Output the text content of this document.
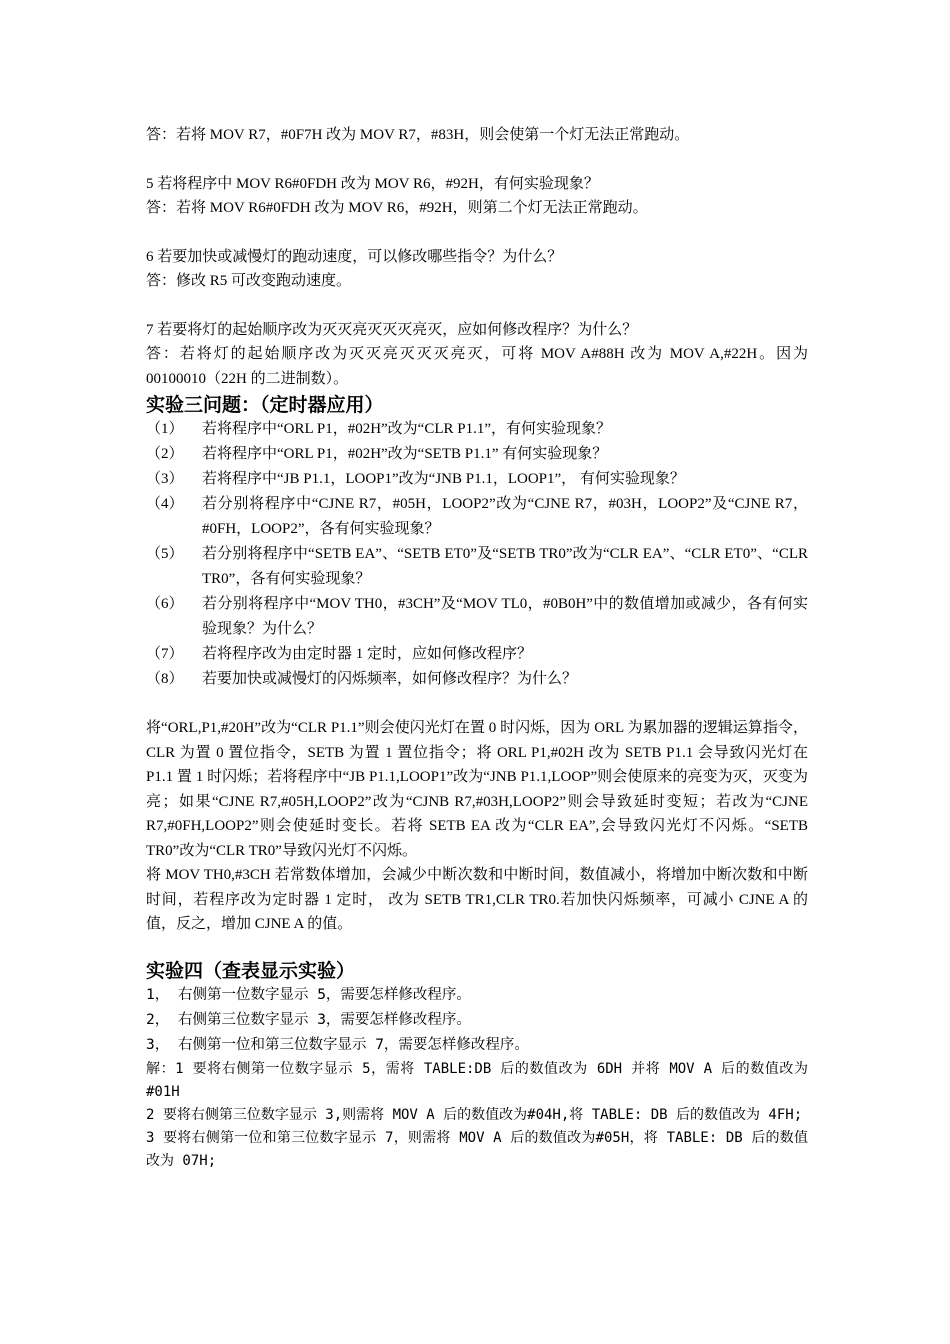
答：若将 MOV R7，#0F7H 改为 MOV R7，#83H，则会使第一个灯无法正常跑动。

5 若将程序中 MOV R6#0FDH 改为 MOV R6，#92H，有何实验现象？

答：若将 MOV R6#0FDH 改为 MOV R6，#92H，则第二个灯无法正常跑动。

6 若要加快或减慢灯的跑动速度，可以修改哪些指令？为什么？

答：修改 R5 可改变跑动速度。

7 若要将灯的起始顺序改为灭灭亮灭灭灭亮灭，应如何修改程序？为什么？

答：若将灯的起始顺序改为灭灭亮灭灭灭亮灭，可将 MOV A#88H 改为 MOV A,#22H。因为 00100010（22H 的二进制数）。

实验三问题：（定时器应用）
（1）	若将程序中“ORL P1，#02H”改为“CLR P1.1”，有何实验现象？
（2）	若将程序中“ORL P1，#02H”改为“SETB P1.1” 有何实验现象？
（3）	若将程序中“JB P1.1，LOOP1”改为“JNB P1.1，LOOP1”， 有何实验现象？
（4）	若分别将程序中“CJNE R7，#05H，LOOP2”改为“CJNE R7，#03H，LOOP2”及“CJNE R7，#0FH，LOOP2”，各有何实验现象？
（5）	若分别将程序中“SETB EA”、“SETB ET0”及“SETB TR0”改为“CLR EA”、“CLR ET0”、“CLR TR0”，各有何实验现象？
（6）	若分别将程序中“MOV TH0，#3CH”及“MOV TL0，#0B0H”中的数值增加或减少，各有何实验现象？为什么？
（7）	若将程序改为由定时器 1 定时，应如何修改程序？
（8）	若要加快或减慢灯的闪烁频率，如何修改程序？为什么？

将“ORL,P1,#20H”改为“CLR P1.1”则会使闪光灯在置 0 时闪烁，因为 ORL 为累加器的逻辑运算指令，CLR 为置 0 置位指令，SETB 为置 1 置位指令；将 ORL P1,#02H 改为 SETB P1.1 会导致闪光灯在 P1.1 置 1 时闪烁；若将程序中“JB P1.1,LOOP1”改为“JNB P1.1,LOOP”则会使原来的亮变为灭，灭变为亮；如果“CJNE R7,#05H,LOOP2”改为“CJNB R7,#03H,LOOP2”则会导致延时变短；若改为“CJNE R7,#0FH,LOOP2”则会使延时变长。若将 SETB EA 改为“CLR EA”,会导致闪光灯不闪烁。“SETB TR0”改为“CLR TR0”导致闪光灯不闪烁。

将 MOV TH0,#3CH 若常数体增加，会减少中断次数和中断时间，数值减小，将增加中断次数和中断时间，若程序改为定时器 1 定时， 改为 SETB TR1,CLR TR0.若加快闪烁频率，可减小 CJNE A 的值，反之，增加 CJNE A 的值。

实验四（查表显示实验）

1， 右侧第一位数字显示 5，需要怎样修改程序。

2， 右侧第三位数字显示 3，需要怎样修改程序。

3， 右侧第一位和第三位数字显示 7，需要怎样修改程序。

解：1 要将右侧第一位数字显示 5，需将 TABLE:DB 后的数值改为 6DH 并将 MOV A 后的数值改为#01H

2 要将右侧第三位数字显示 3,则需将 MOV A 后的数值改为#04H,将 TABLE: DB 后的数值改为 4FH;

3 要将右侧第一位和第三位数字显示 7，则需将 MOV A 后的数值改为#05H，将 TABLE: DB 后的数值改为 07H;
